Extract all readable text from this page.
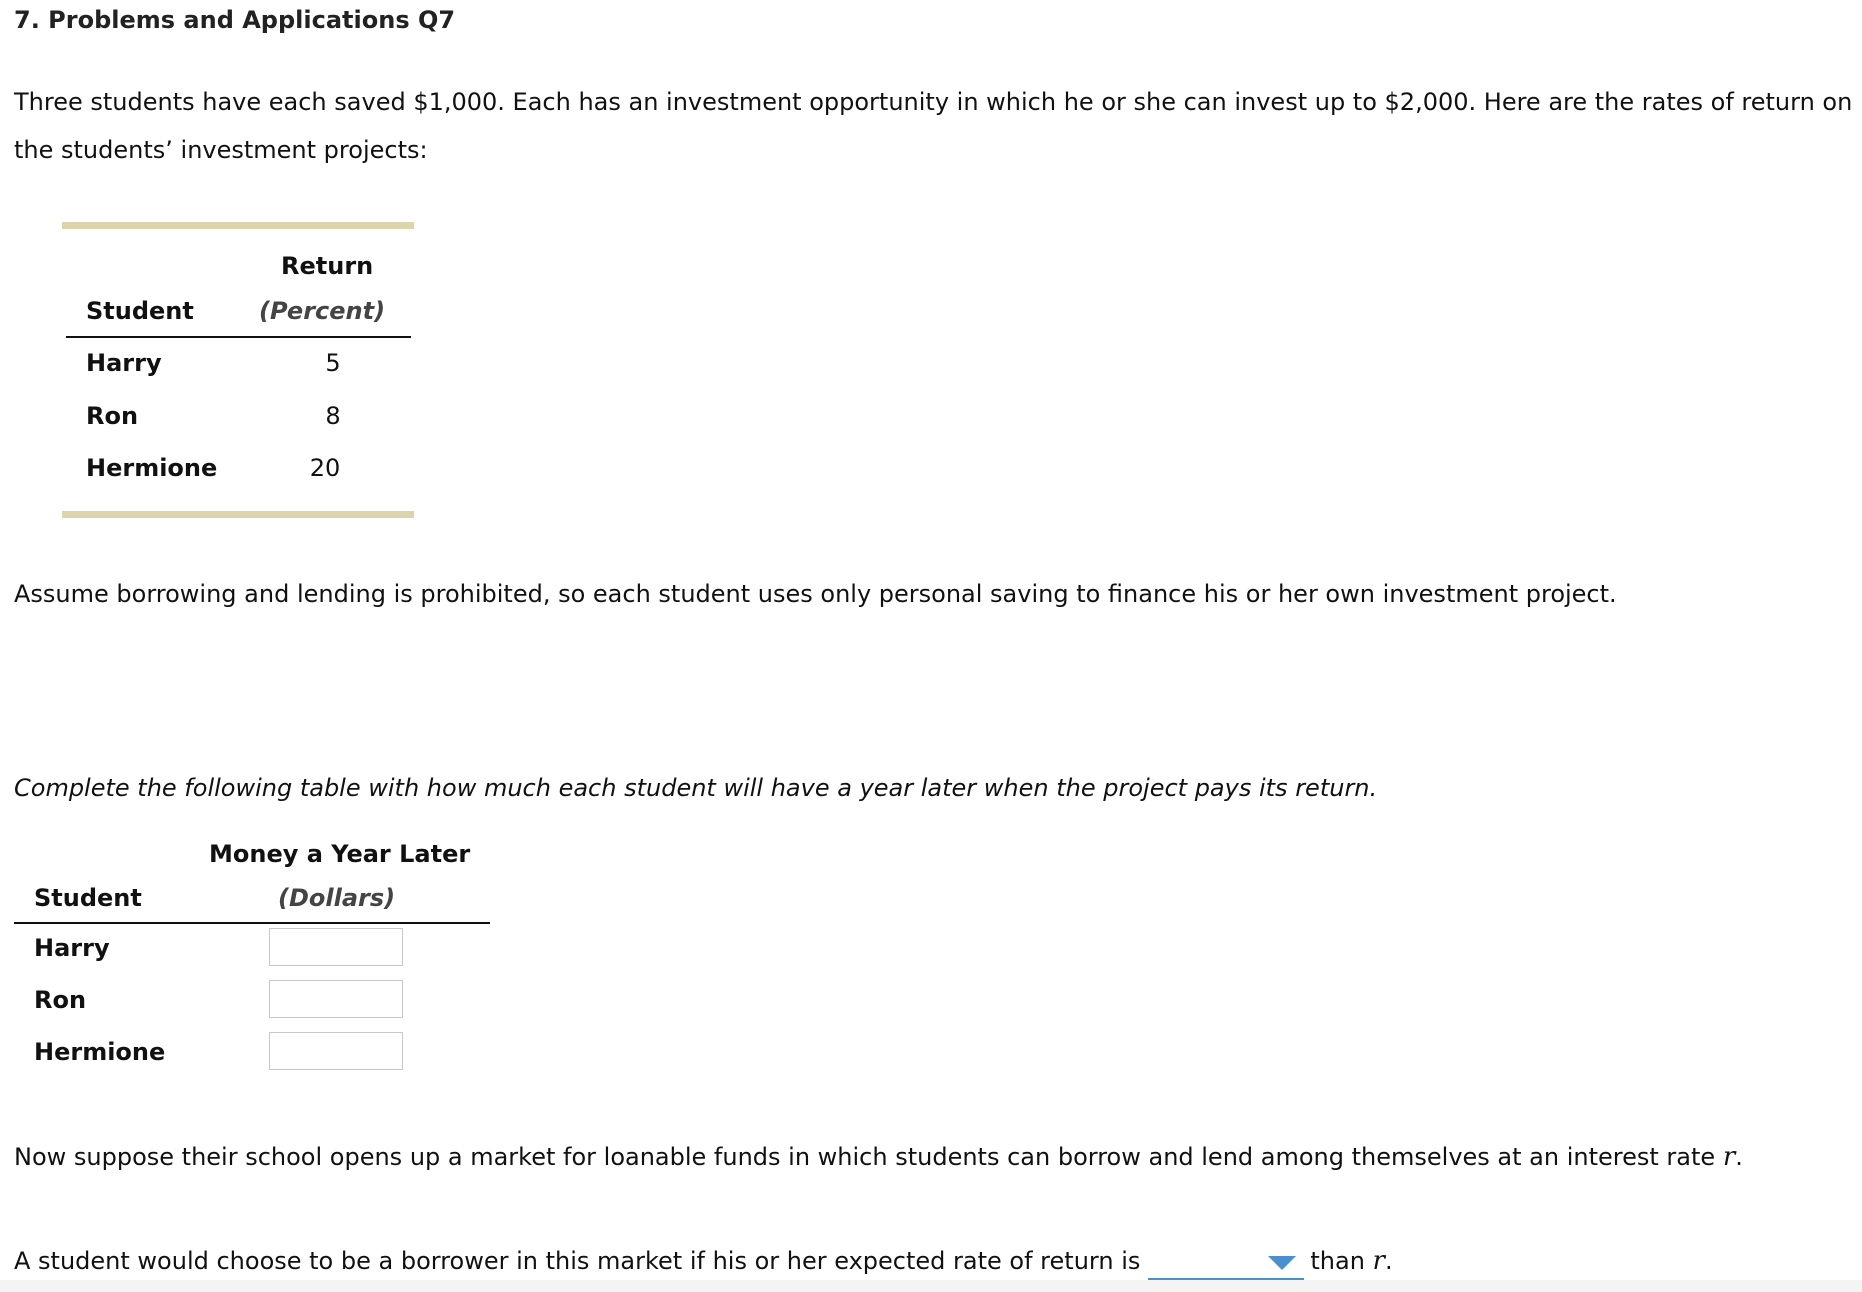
7. Problems and Applications Q7
Three students have each saved $1,000. Each has an investment opportunity in which he or she can invest up to $2,000. Here are the rates of return on the students’ investment projects:
Return
Student	(Percent)
Harry	5
Ron	8
Hermione	20
Assume borrowing and lending is prohibited, so each student uses only personal saving to finance his or her own investment project.
Complete the following table with how much each student will have a year later when the project pays its return.
Money a Year Later
Student	(Dollars)
Harry
Ron
Hermione
Now suppose their school opens up a market for loanable funds in which students can borrow and lend among themselves at an interest rate r.
A student would choose to be a borrower in this market if his or her expected rate of return is	than r.
